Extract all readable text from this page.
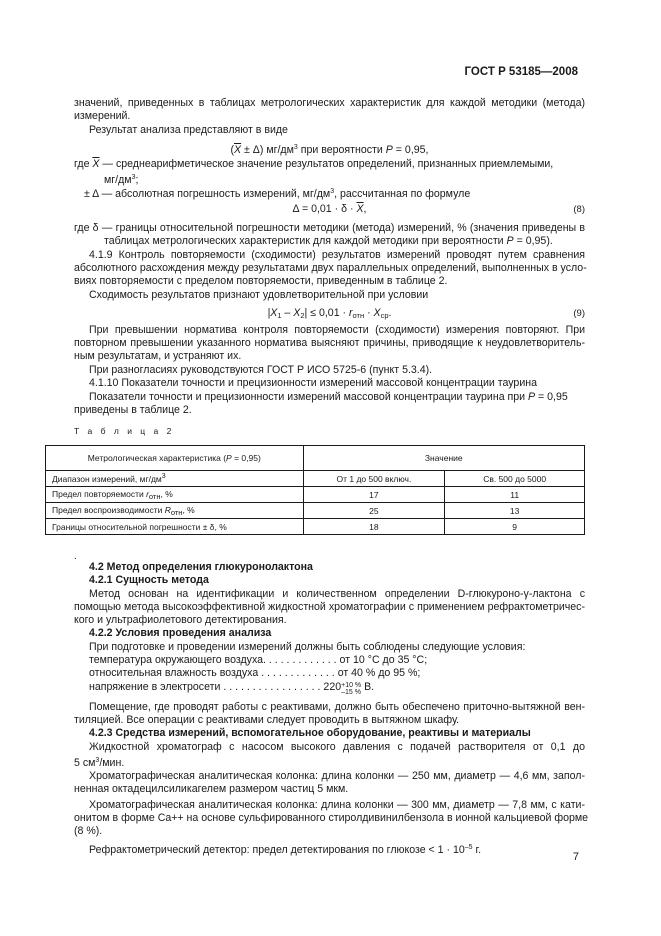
ГОСТ Р 53185—2008
значений, приведенных в таблицах метрологических характеристик для каждой методики (метода)
измерений.
Результат анализа представляют в виде
$(\overline{X} \pm \Delta)$ $мг/дм^3$ при вероятности P = 0,95,
где $\overline{X}$ — среднеарифметическое значение результатов определений, признанных приемлемыми,
$мг/дм^3$;
± Δ — абсолютная погрешность измерений, $мг/дм^3$, рассчитанная по формуле
$\Delta = 0,01 \cdot \delta \cdot \overline{X}$,	(8)
где δ — границы относительной погрешности методики (метода) измерений, % (значения приведены в
таблицах метрологических характеристик для каждой методики при вероятности P = 0,95).
4.1.9 Контроль повторяемости (сходимости) результатов измерений проводят путем сравнения
абсолютного расхождения между результатами двух параллельных определений, выполненных в усло-
виях повторяемости с пределом повторяемости, приведенным в таблице 2.
Сходимость результатов признают удовлетворительной при условии
$|X_1 - X_2| \le 0,01 \cdot r_{отн} \cdot X_{ср}$.	(9)
При превышении норматива контроля повторяемости (сходимости) измерения повторяют. При
повторном превышении указанного норматива выясняют причины, приводящие к неудовлетворитель-
ным результатам, и устраняют их.
При разногласиях руководствуются ГОСТ Р ИСО 5725-6 (пункт 5.3.4).
4.1.10 Показатели точности и прецизионности измерений массовой концентрации таурина
Показатели точности и прецизионности измерений массовой концентрации таурина при P = 0,95
приведены в таблице 2.
Т а б л и ц а 2
Метрологическая характеристика (P = 0,95)	Значение	
Диапазон измерений, $мг/дм^3$	От 1 до 500 включ.	Св. 500 до 5000
Предел повторяемости rотн, %	17	11
Предел воспроизводимости Rотн, %	25	13
Границы относительной погрешности ± δ, %	18	9
.
4.2 Метод определения глюкуронолактона
4.2.1 Сущность метода
Метод основан на идентификации и количественном определении D-глюкуроно-γ-лактона с
помощью метода высокоэффективной жидкостной хроматографии с применением рефрактометричес-
кого и ультрафиолетового детектирования.
4.2.2 Условия проведения анализа
При подготовке и проведении измерений должны быть соблюдены следующие условия:
температура окружающего воздуха. . . . . . . . . . . . . от 10 °С до 35 °С;
относительная влажность воздуха . . . . . . . . . . . . . от 40 % до 95 %;
напряжение в электросети . . . . . . . . . . . . . . . . . 220+10 %
–15 % В.
Помещение, где проводят работы с реактивами, должно быть обеспечено приточно-вытяжной вен-
тиляцией. Все операции с реактивами следует проводить в вытяжном шкафу.
4.2.3 Средства измерений, вспомогательное оборудование, реактивы и материалы
Жидкостной хроматограф с насосом высокого давления с подачей растворителя от 0,1 до
5 $см^3$/мин.
Хроматографическая аналитическая колонка: длина колонки — 250 мм, диаметр — 4,6 мм, запол-
ненная октадецилсиликагелем размером частиц 5 мкм.
Хроматографическая аналитическая колонка: длина колонки — 300 мм, диаметр — 7,8 мм, с кати-
онитом в форме Ca++ на основе сульфированного стиролдивинилбензола в ионной кальциевой форме
(8 %).
Рефрактометрический детектор: предел детектирования по глюкозе < $1 \cdot 10^{-5}$ г.
7
